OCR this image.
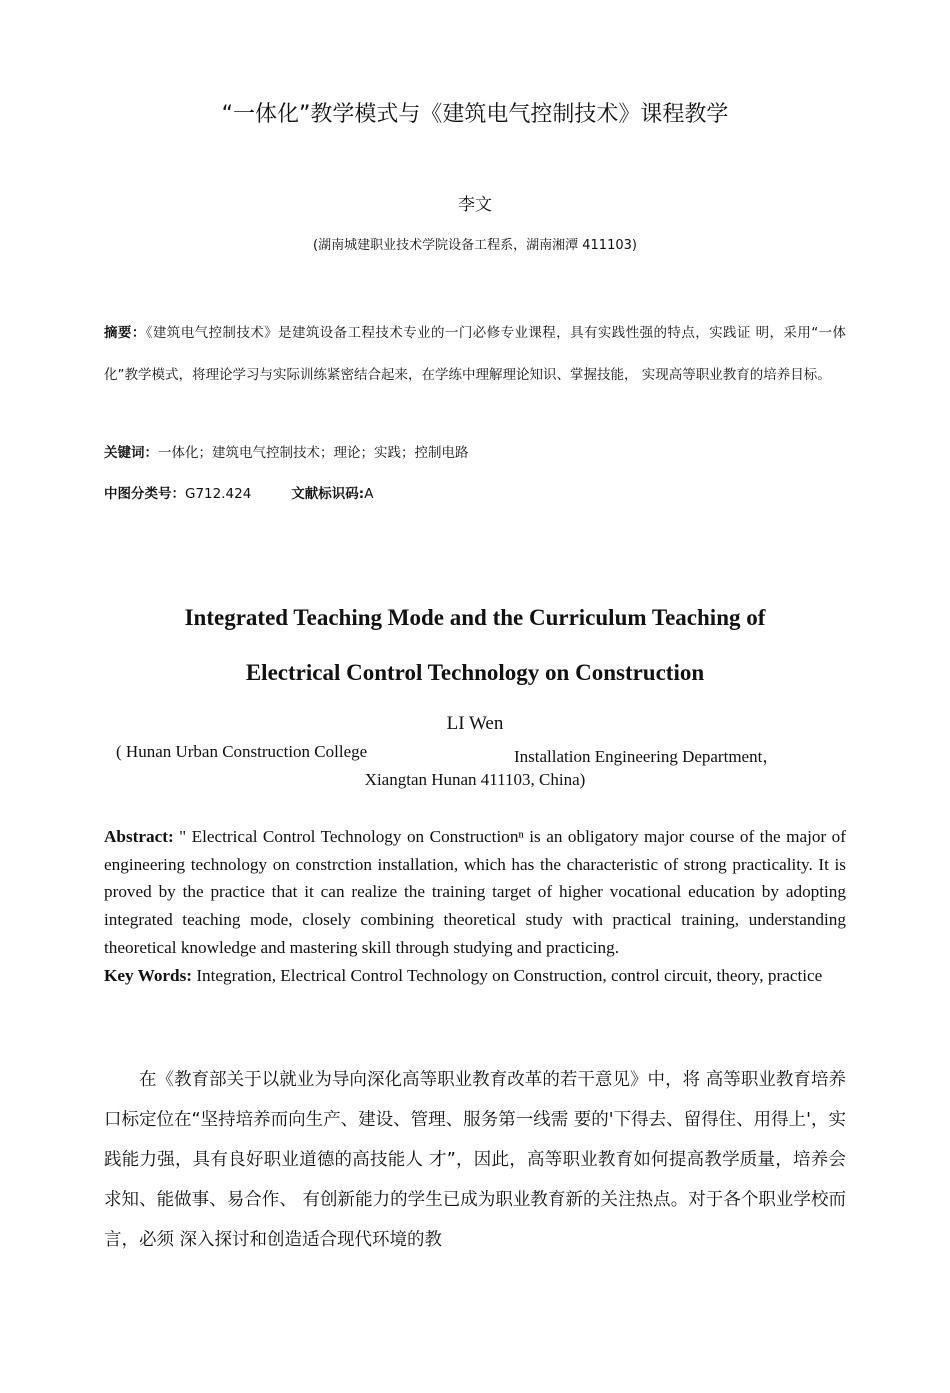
“一体化”教学模式与《建筑电气控制技术》课程教学
李文
(湖南城建职业技术学院设备工程系，湖南湘潭 411103)
摘要：《建筑电气控制技术》是建筑设备工程技术专业的一门必修专业课程，具有实践性强的特点，实践证 明，采用“一体化”教学模式，将理论学习与实际训练紧密结合起来，在学练中理解理论知识、掌握技能， 实现高等职业教育的培养目标。
关键词：一体化；建筑电气控制技术；理论；实践；控制电路
中图分类号：G712.424	文献标识码:A
Integrated Teaching Mode and the Curriculum Teaching of
Electrical Control Technology on Construction
LI Wen
( Hunan Urban Construction College	Installation Engineering Department，
Xiangtan Hunan 411103, China)

Abstract: " Electrical Control Technology on Constructionⁿ is an obligatory major course of the major of engineering technology on constrction installation, which has the characteristic of strong practicality. It is proved by the practice that it can realize the training target of higher vocational education by adopting integrated teaching mode, closely combining theoretical study with practical training, understanding theoretical knowledge and mastering skill through studying and practicing.

Key Words: Integration, Electrical Control Technology on Construction, control circuit, theory, practice

在《教育部关于以就业为导向深化高等职业教育改革的若干意见》中，将 高等职业教育培养口标定位在“坚持培养而向生产、建设、管理、服务第一线需 要的'下得去、留得住、用得上'，实践能力强，具有良好职业道德的高技能人 才”，因此，高等职业教育如何提高教学质量，培养会求知、能做事、易合作、 有创新能力的学生已成为职业教育新的关注热点。对于各个职业学校而言，必须 深入探讨和创造适合现代环境的教
